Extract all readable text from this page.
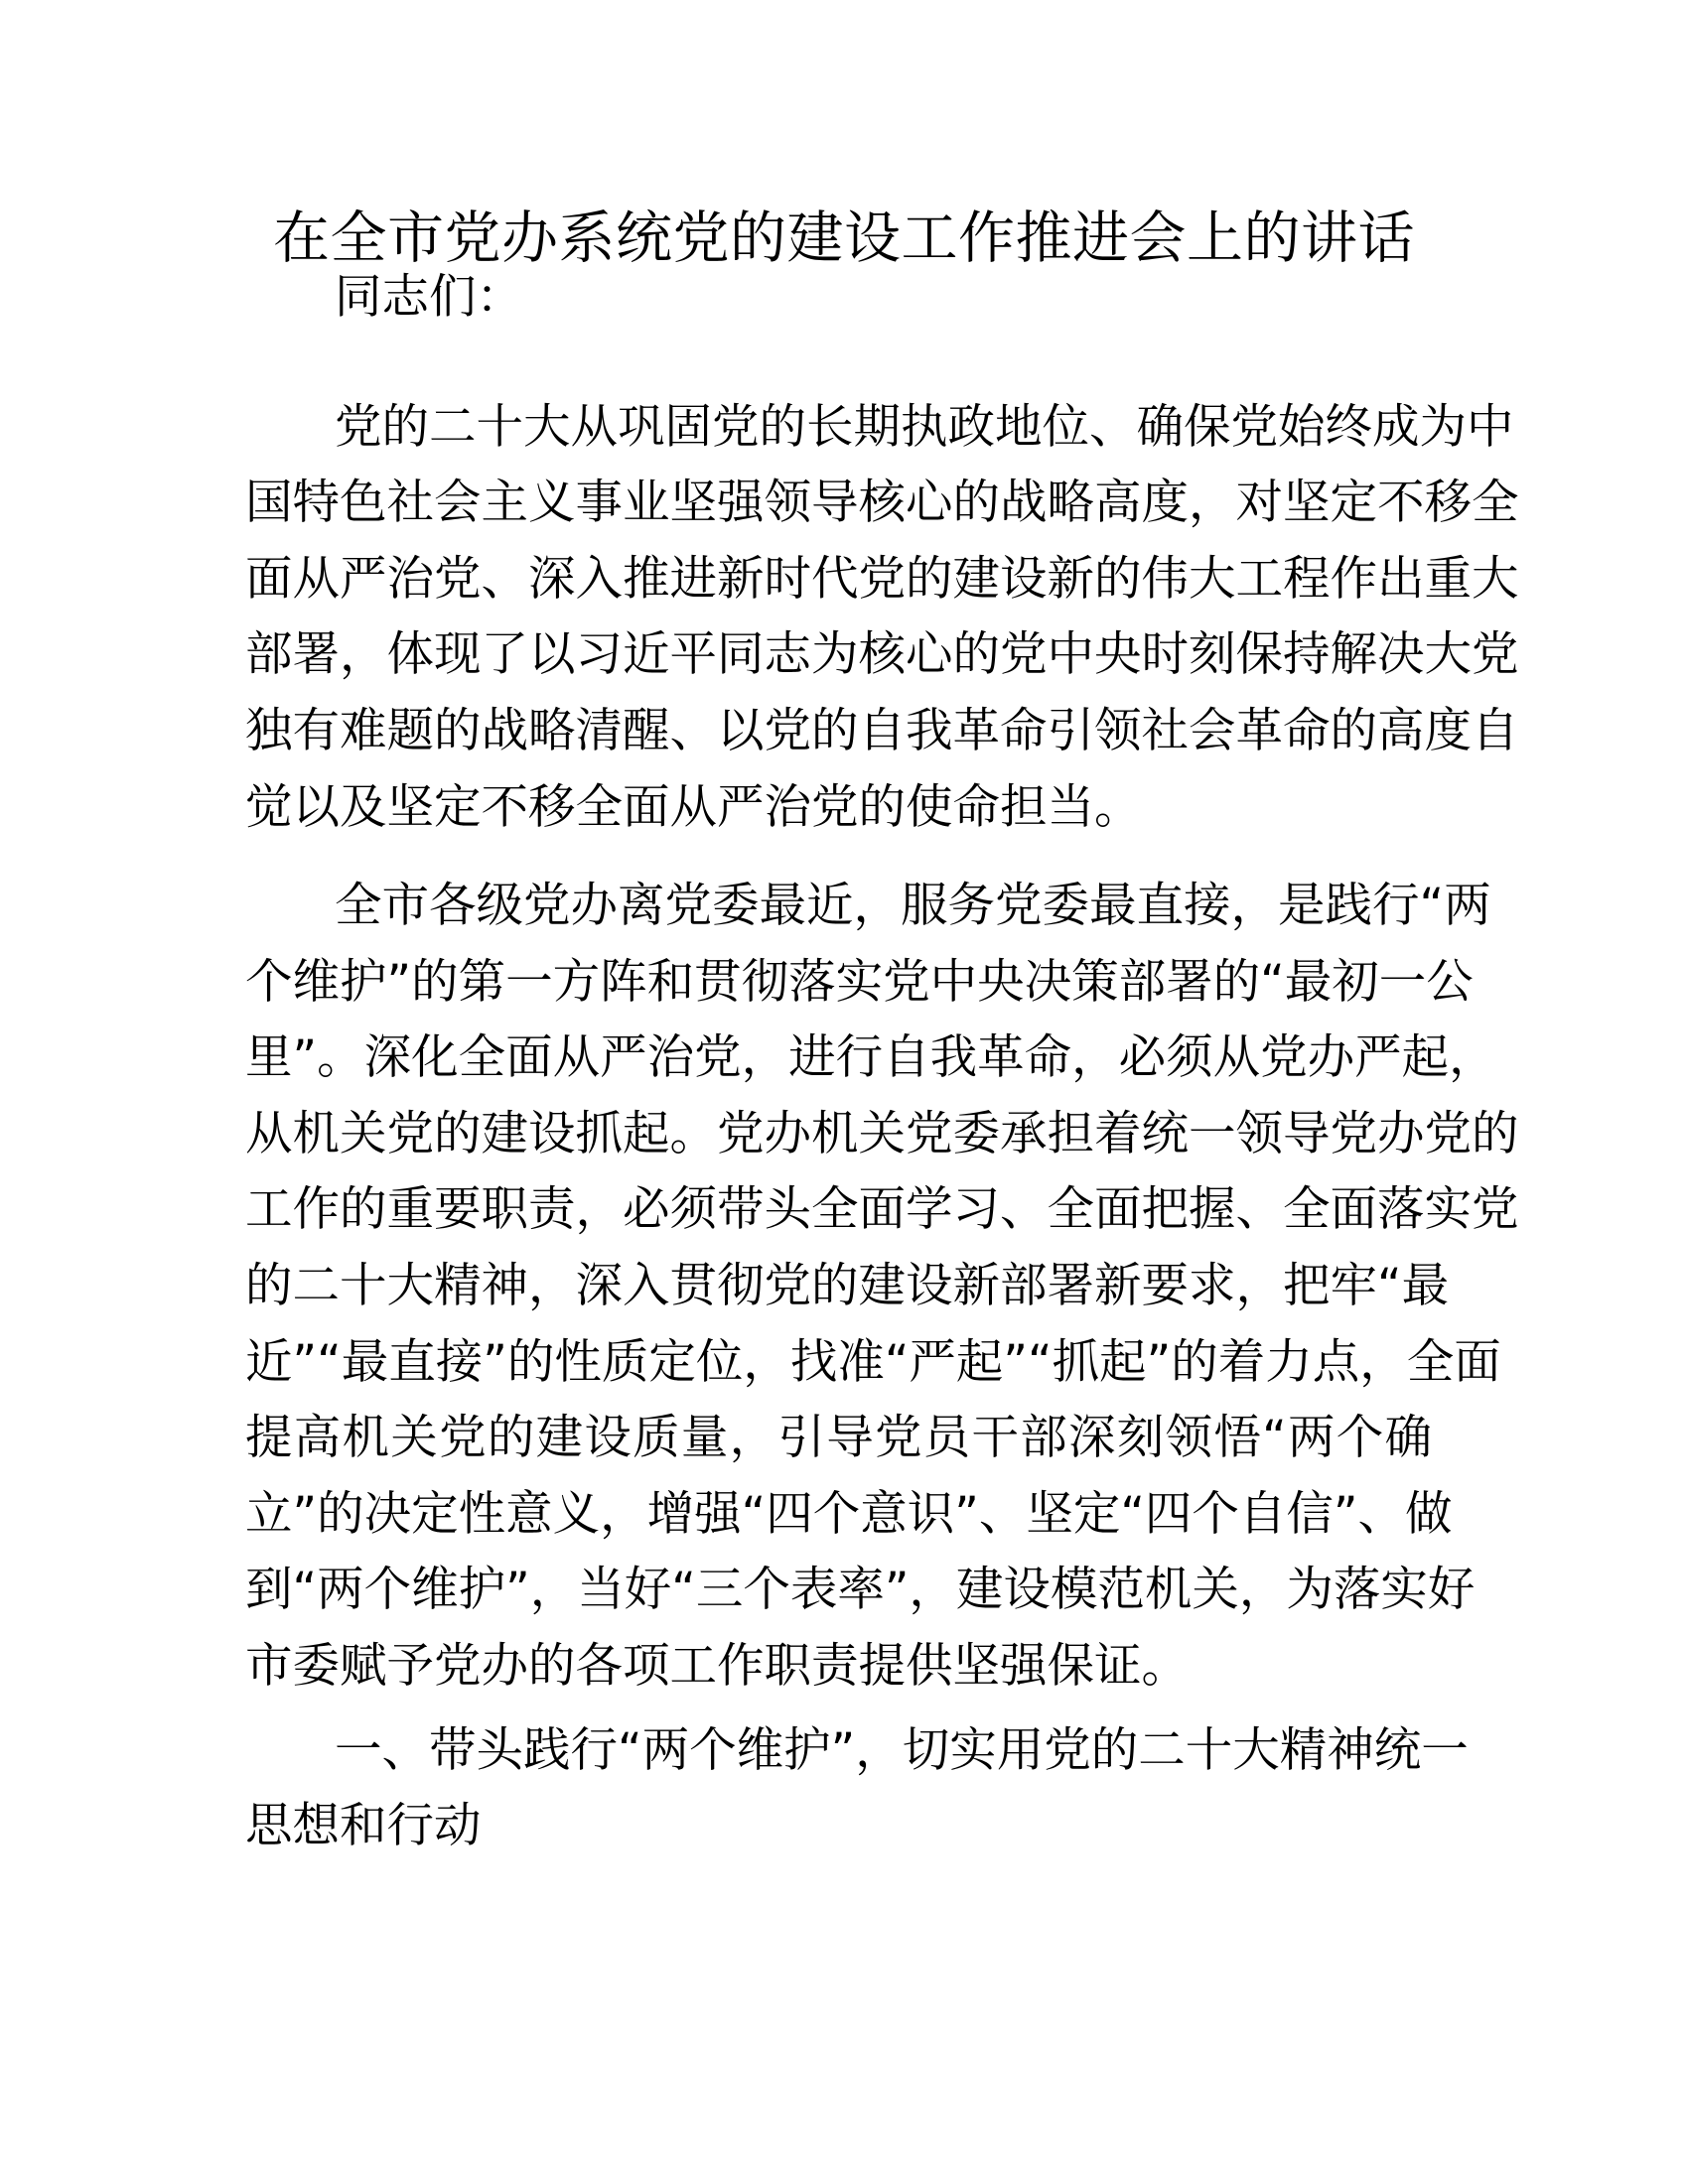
在全市党办系统党的建设工作推进会上的讲话
同志们：
党的二十大从巩固党的长期执政地位、确保党始终成为中
国特色社会主义事业坚强领导核心的战略高度，对坚定不移全
面从严治党、深入推进新时代党的建设新的伟大工程作出重大
部署，体现了以习近平同志为核心的党中央时刻保持解决大党
独有难题的战略清醒、以党的自我革命引领社会革命的高度自
觉以及坚定不移全面从严治党的使命担当。
全市各级党办离党委最近，服务党委最直接，是践行“两
个维护”的第一方阵和贯彻落实党中央决策部署的“最初一公
里”。深化全面从严治党，进行自我革命，必须从党办严起，
从机关党的建设抓起。党办机关党委承担着统一领导党办党的
工作的重要职责，必须带头全面学习、全面把握、全面落实党
的二十大精神，深入贯彻党的建设新部署新要求，把牢“最
近”“最直接”的性质定位，找准“严起”“抓起”的着力点，全面
提高机关党的建设质量，引导党员干部深刻领悟“两个确
立”的决定性意义，增强“四个意识”、坚定“四个自信”、做
到“两个维护”，当好“三个表率”，建设模范机关，为落实好
市委赋予党办的各项工作职责提供坚强保证。
一、带头践行“两个维护”，切实用党的二十大精神统一
思想和行动
